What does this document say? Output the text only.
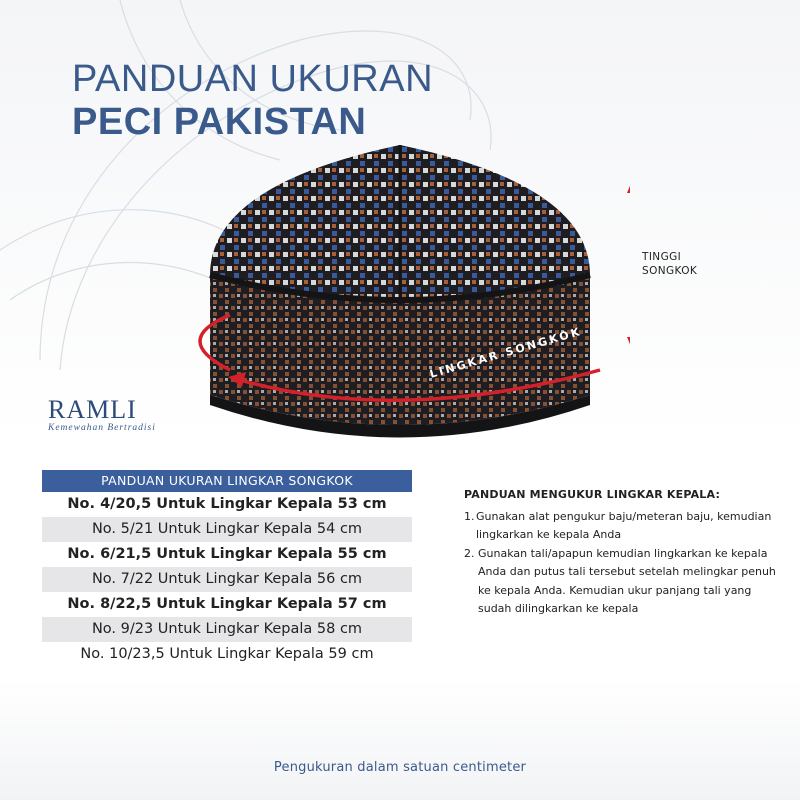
PANDUAN UKURAN
PECI PAKISTAN
LINGKAR SONGKOK
TINGGI
SONGKOK
RAMLI
Kemewahan Bertradisi
PANDUAN UKURAN LINGKAR SONGKOK
No. 4/20,5 Untuk Lingkar Kepala 53 cm
No. 5/21 Untuk Lingkar Kepala 54 cm
No. 6/21,5 Untuk Lingkar Kepala 55 cm
No. 7/22 Untuk Lingkar Kepala 56 cm
No. 8/22,5 Untuk Lingkar Kepala 57 cm
No. 9/23 Untuk Lingkar Kepala 58 cm
No. 10/23,5 Untuk Lingkar Kepala 59 cm
PANDUAN MENGUKUR LINGKAR KEPALA:
1. Gunakan alat pengukur baju/meteran baju, kemudian lingkarkan ke kepala Anda
2. Gunakan tali/apapun kemudian lingkarkan ke kepala Anda dan putus tali tersebut setelah melingkar penuh ke kepala Anda. Kemudian ukur panjang tali yang sudah dilingkarkan ke kepala
Pengukuran dalam satuan centimeter
